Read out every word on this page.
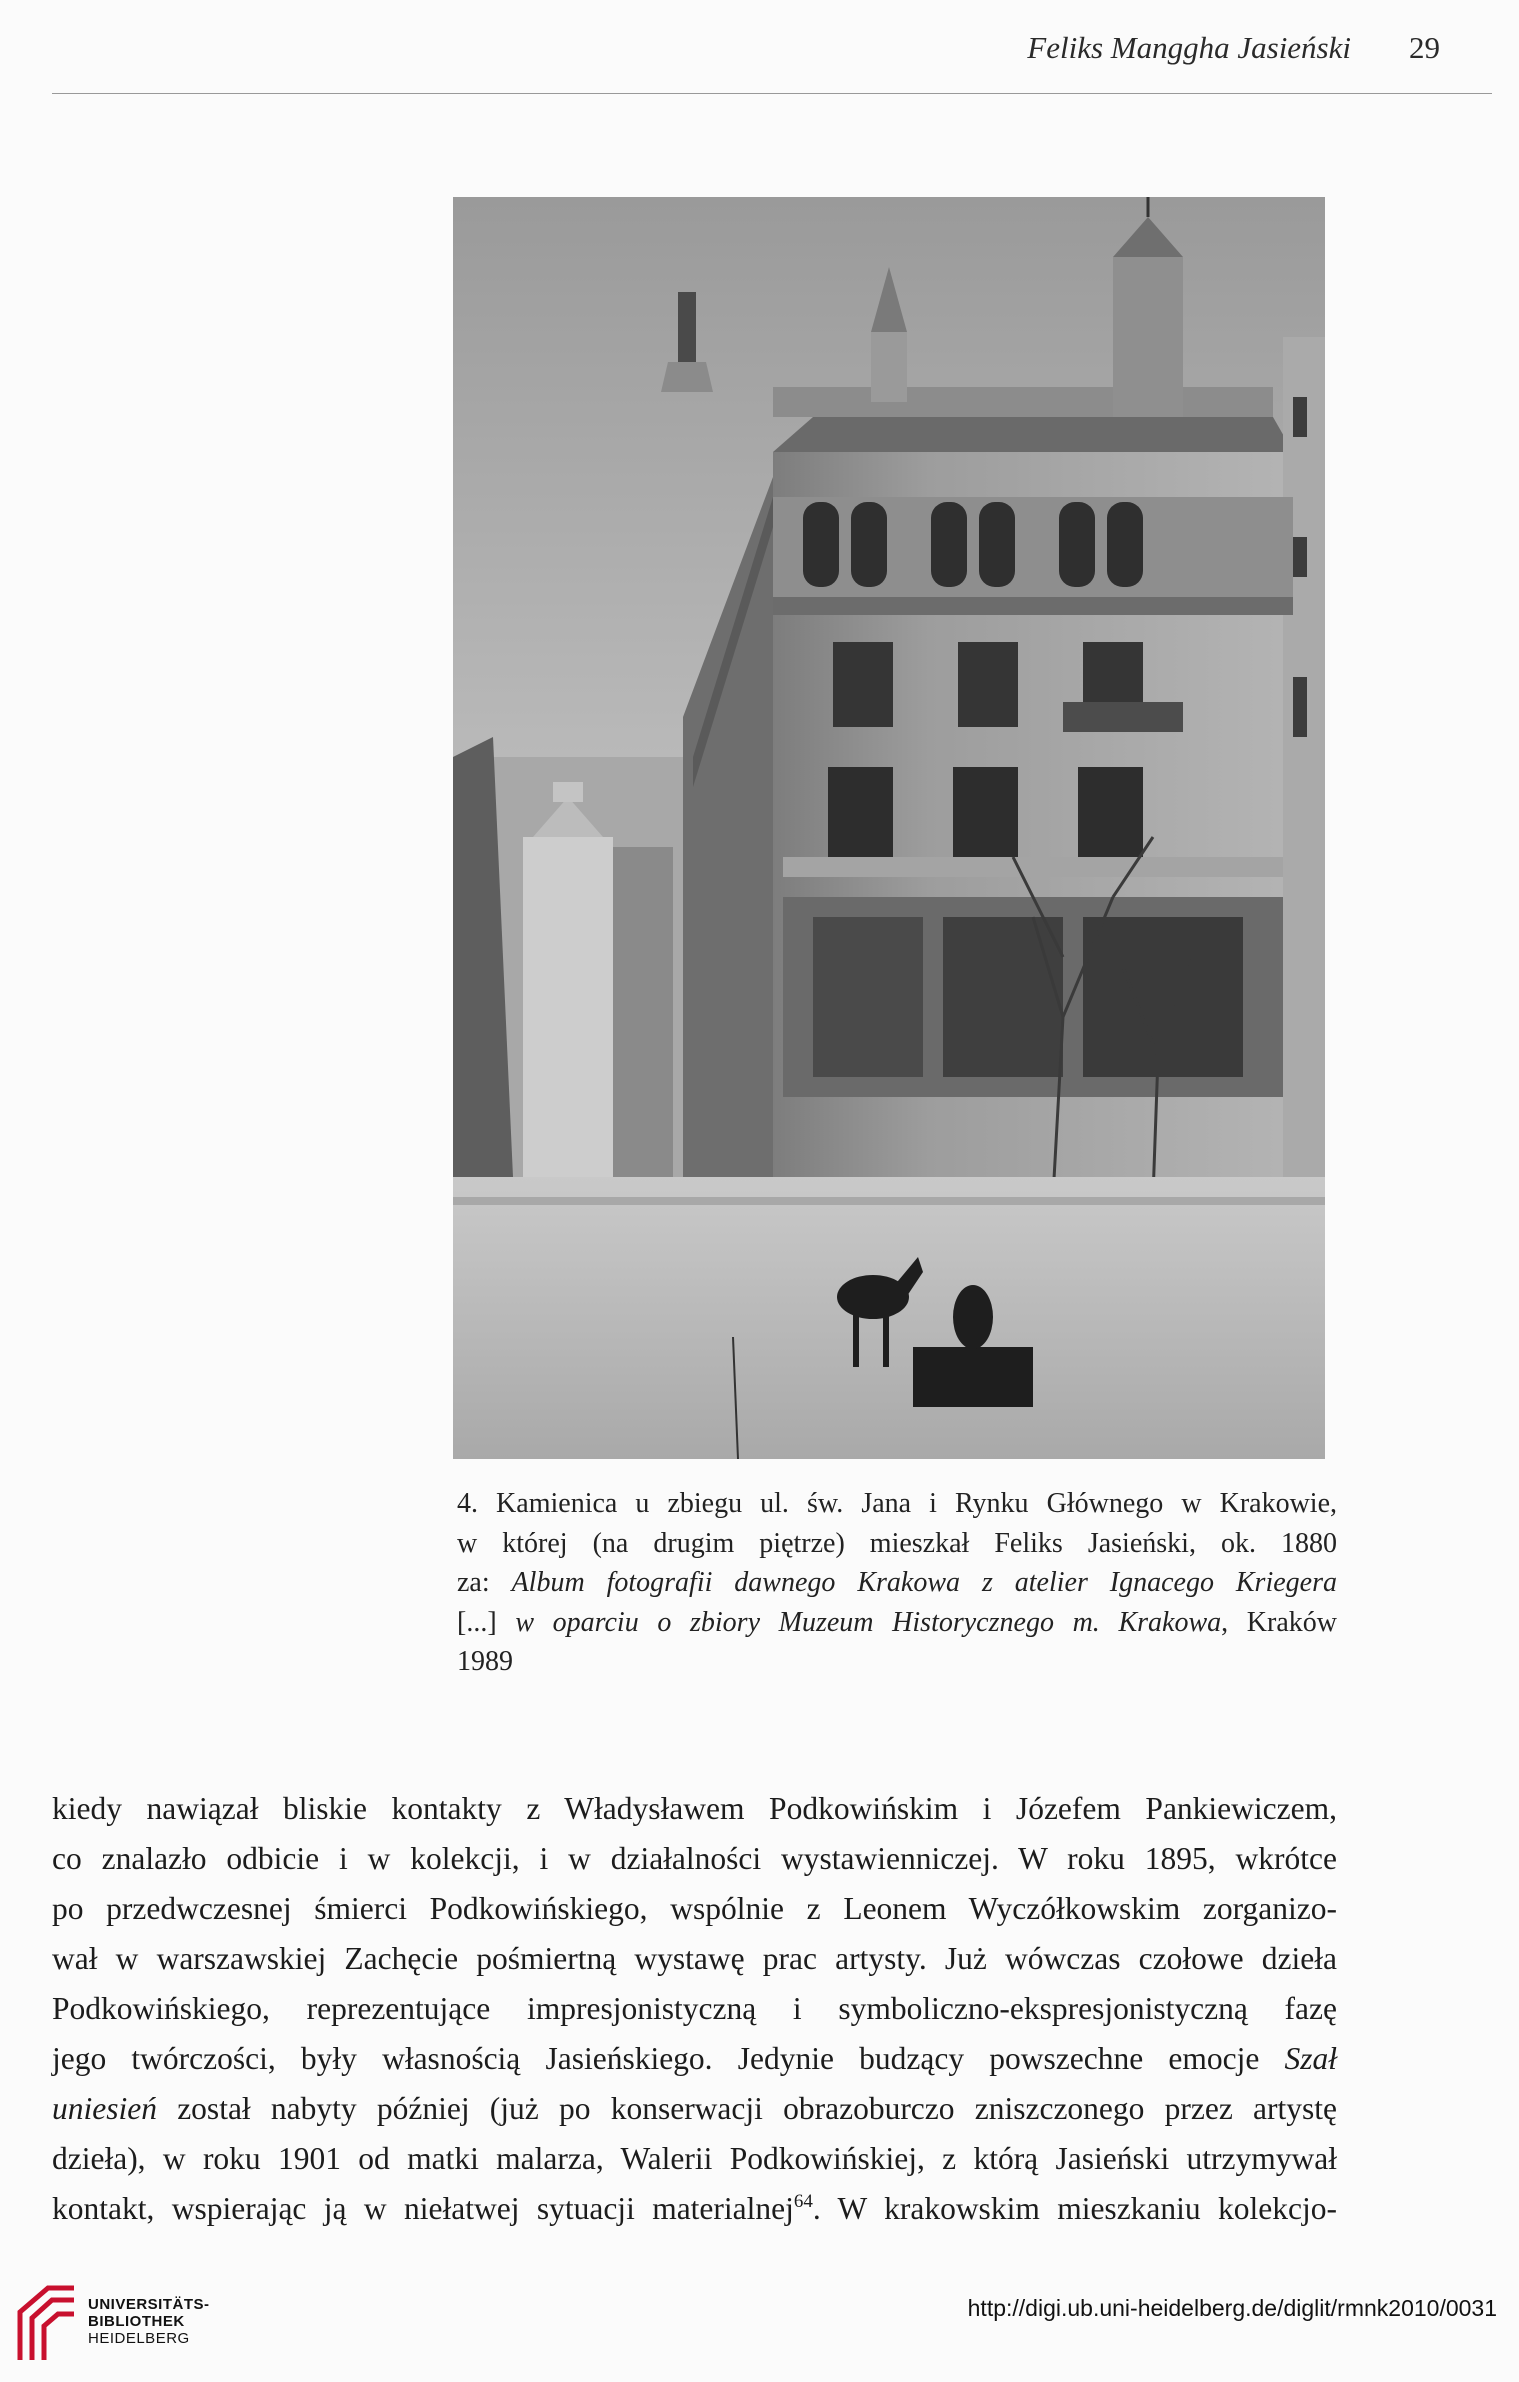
Feliks Manggha Jasieński 29
4. Kamienica u zbiegu ul. św. Jana i Rynku Głównego w Krakowie,
w której (na drugim piętrze) mieszkał Feliks Jasieński, ok. 1880
za: Album fotografii dawnego Krakowa z atelier Ignacego Kriegera
[...] w oparciu o zbiory Muzeum Historycznego m. Krakowa, Kraków
1989
kiedy nawiązał bliskie kontakty z Władysławem Podkowińskim i Józefem Pankiewiczem,
co znalazło odbicie i w kolekcji, i w działalności wystawienniczej. W roku 1895, wkrótce
po przedwczesnej śmierci Podkowińskiego, wspólnie z Leonem Wyczółkowskim zorganizo-
wał w warszawskiej Zachęcie pośmiertną wystawę prac artysty. Już wówczas czołowe dzieła
Podkowińskiego, reprezentujące impresjonistyczną i symboliczno-ekspresjonistyczną fazę
jego twórczości, były własnością Jasieńskiego. Jedynie budzący powszechne emocje Szał
uniesień został nabyty później (już po konserwacji obrazoburczo zniszczonego przez artystę
dzieła), w roku 1901 od matki malarza, Walerii Podkowińskiej, z którą Jasieński utrzymywał
kontakt, wspierając ją w niełatwej sytuacji materialnej$^{64}$. W krakowskim mieszkaniu kolekcjo-
UNIVERSITÄTS-
BIBLIOTHEK
HEIDELBERG
http://digi.ub.uni-heidelberg.de/diglit/rmnk2010/0031
